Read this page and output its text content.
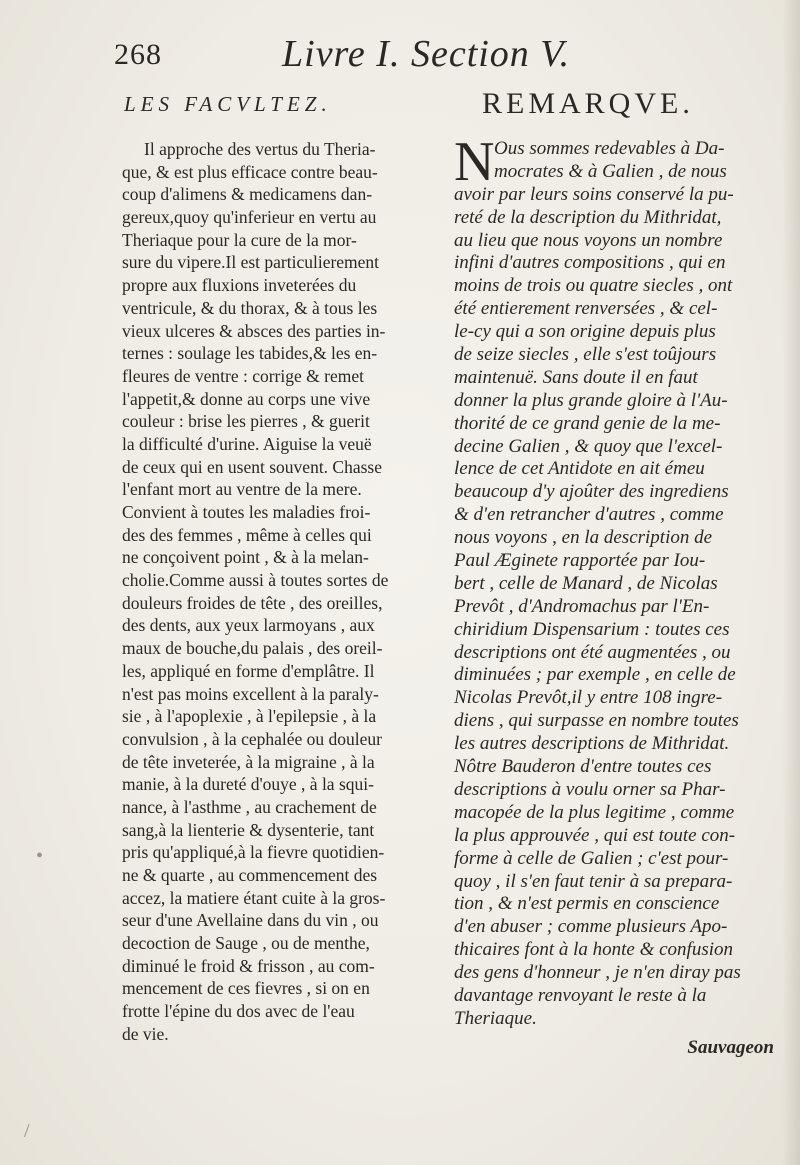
268	Livre I. Section V.
LES FACVLTEZ.
Il approche des vertus du Theria-
que, & est plus efficace contre beau-
coup d'alimens & medicamens dan-
gereux,quoy qu'inferieur en vertu au
Theriaque pour la cure de la mor-
sure du vipere.Il est particulierement
propre aux fluxions inveterées du
ventricule, & du thorax, & à tous les
vieux ulceres & absces des parties in-
ternes : soulage les tabides,& les en-
fleures de ventre : corrige & remet
l'appetit,& donne au corps une vive
couleur : brise les pierres , & guerit
la difficulté d'urine. Aiguise la veuë
de ceux qui en usent souvent. Chasse
l'enfant mort au ventre de la mere.
Convient à toutes les maladies froi-
des des femmes , même à celles qui
ne conçoivent point , & à la melan-
cholie.Comme aussi à toutes sortes de
douleurs froides de tête , des oreilles,
des dents, aux yeux larmoyans , aux
maux de bouche,du palais , des oreil-
les, appliqué en forme d'emplâtre. Il
n'est pas moins excellent à la paraly-
sie , à l'apoplexie , à l'epilepsie , à la
convulsion , à la cephalée ou douleur
de tête inveterée, à la migraine , à la
manie, à la dureté d'ouye , à la squi-
nance, à l'asthme , au crachement de
sang,à la lienterie & dysenterie, tant
pris qu'appliqué,à la fievre quotidien-
ne & quarte , au commencement des
accez, la matiere étant cuite à la gros-
seur d'une Avellaine dans du vin , ou
decoction de Sauge , ou de menthe,
diminué le froid & frisson , au com-
mencement de ces fievres , si on en
frotte l'épine du dos avec de l'eau
de vie.
REMARQVE.
N Ous sommes redevables à Da-
mocrates & à Galien , de nous
avoir par leurs soins conservé la pu-
reté de la description du Mithridat,
au lieu que nous voyons un nombre
infini d'autres compositions , qui en
moins de trois ou quatre siecles , ont
été entierement renversées , & cel-
le-cy qui a son origine depuis plus
de seize siecles , elle s'est toûjours
maintenuë. Sans doute il en faut
donner la plus grande gloire à l'Au-
thorité de ce grand genie de la me-
decine Galien , & quoy que l'excel-
lence de cet Antidote en ait émeu
beaucoup d'y ajoûter des ingrediens
& d'en retrancher d'autres , comme
nous voyons , en la description de
Paul Æginete rapportée par Iou-
bert , celle de Manard , de Nicolas
Prevôt , d'Andromachus par l'En-
chiridium Dispensarium : toutes ces
descriptions ont été augmentées , ou
diminuées ; par exemple , en celle de
Nicolas Prevôt,il y entre 108 ingre-
diens , qui surpasse en nombre toutes
les autres descriptions de Mithridat.
Nôtre Bauderon d'entre toutes ces
descriptions à voulu orner sa Phar-
macopée de la plus legitime , comme
la plus approuvée , qui est toute con-
forme à celle de Galien ; c'est pour-
quoy , il s'en faut tenir à sa prepara-
tion , & n'est permis en conscience
d'en abuser ; comme plusieurs Apo-
thicaires font à la honte & confusion
des gens d'honneur , je n'en diray pas
davantage renvoyant le reste à la
Theriaque.
Sauvageon
•
/
